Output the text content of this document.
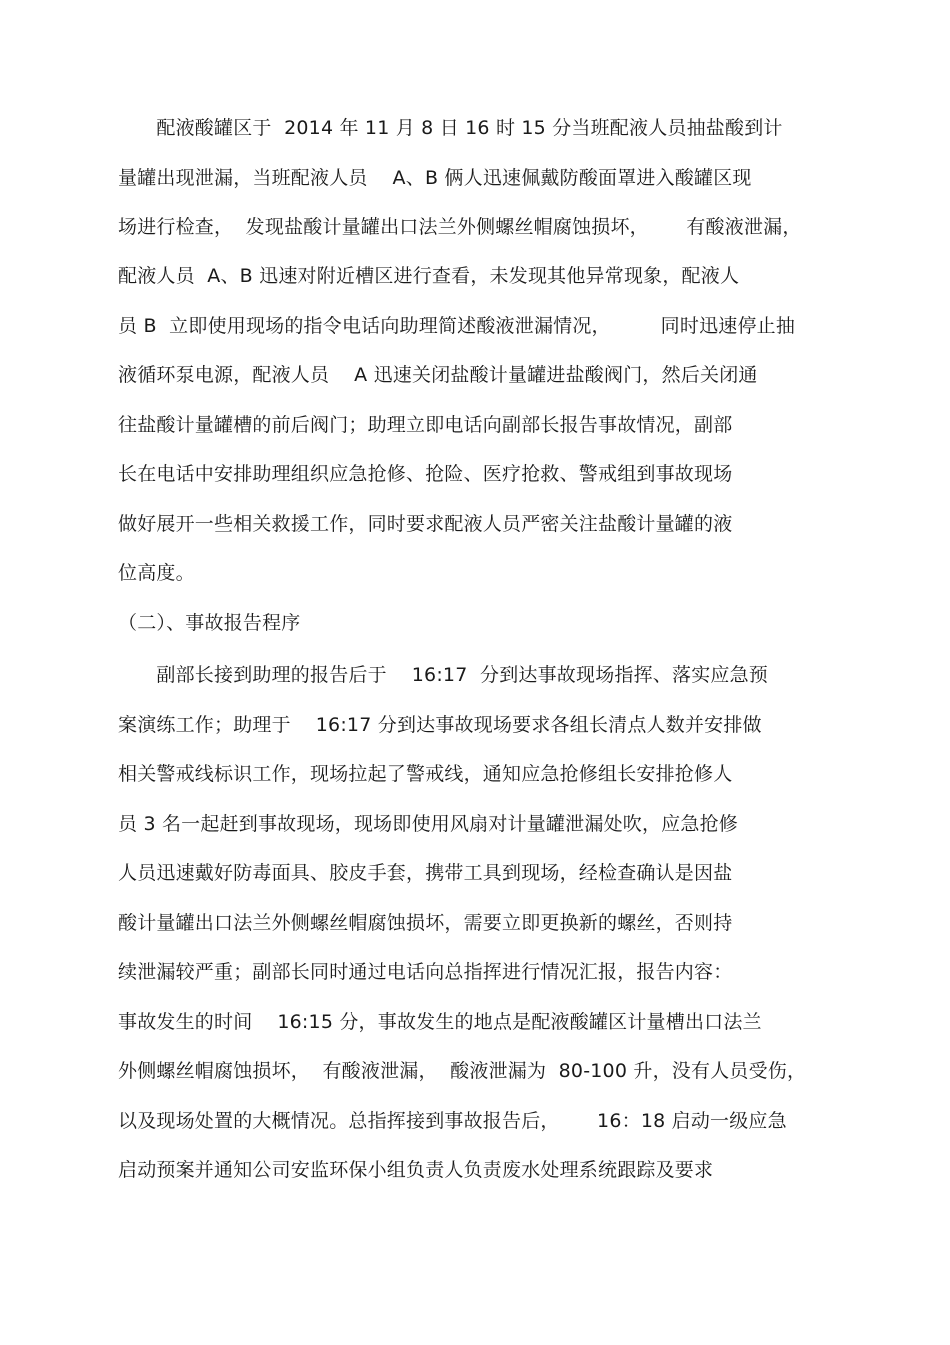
　　配液酸罐区于  2014 年 11 月 8 日 16 时 15 分当班配液人员抽盐酸到计
量罐出现泄漏，当班配液人员    A、B 俩人迅速佩戴防酸面罩进入酸罐区现
场进行检查，  发现盐酸计量罐出口法兰外侧螺丝帽腐蚀损坏，      有酸液泄漏，
配液人员  A、B 迅速对附近槽区进行查看，未发现其他异常现象，配液人
员 B  立即使用现场的指令电话向助理简述酸液泄漏情况，        同时迅速停止抽
液循环泵电源，配液人员    A 迅速关闭盐酸计量罐进盐酸阀门，然后关闭通
往盐酸计量罐槽的前后阀门；助理立即电话向副部长报告事故情况，副部
长在电话中安排助理组织应急抢修、抢险、医疗抢救、警戒组到事故现场
做好展开一些相关救援工作，同时要求配液人员严密关注盐酸计量罐的液
位高度。
（二）、事故报告程序
　　副部长接到助理的报告后于    16:17  分到达事故现场指挥、落实应急预
案演练工作；助理于    16:17 分到达事故现场要求各组长清点人数并安排做
相关警戒线标识工作，现场拉起了警戒线，通知应急抢修组长安排抢修人
员 3 名一起赶到事故现场，现场即使用风扇对计量罐泄漏处吹，应急抢修
人员迅速戴好防毒面具、胶皮手套，携带工具到现场，经检查确认是因盐
酸计量罐出口法兰外侧螺丝帽腐蚀损坏，需要立即更换新的螺丝，否则持
续泄漏较严重；副部长同时通过电话向总指挥进行情况汇报，报告内容：
事故发生的时间    16:15 分，事故发生的地点是配液酸罐区计量槽出口法兰
外侧螺丝帽腐蚀损坏，  有酸液泄漏，  酸液泄漏为  80-100 升，没有人员受伤，
以及现场处置的大概情况。总指挥接到事故报告后，      16：18 启动一级应急
启动预案并通知公司安监环保小组负责人负责废水处理系统跟踪及要求
